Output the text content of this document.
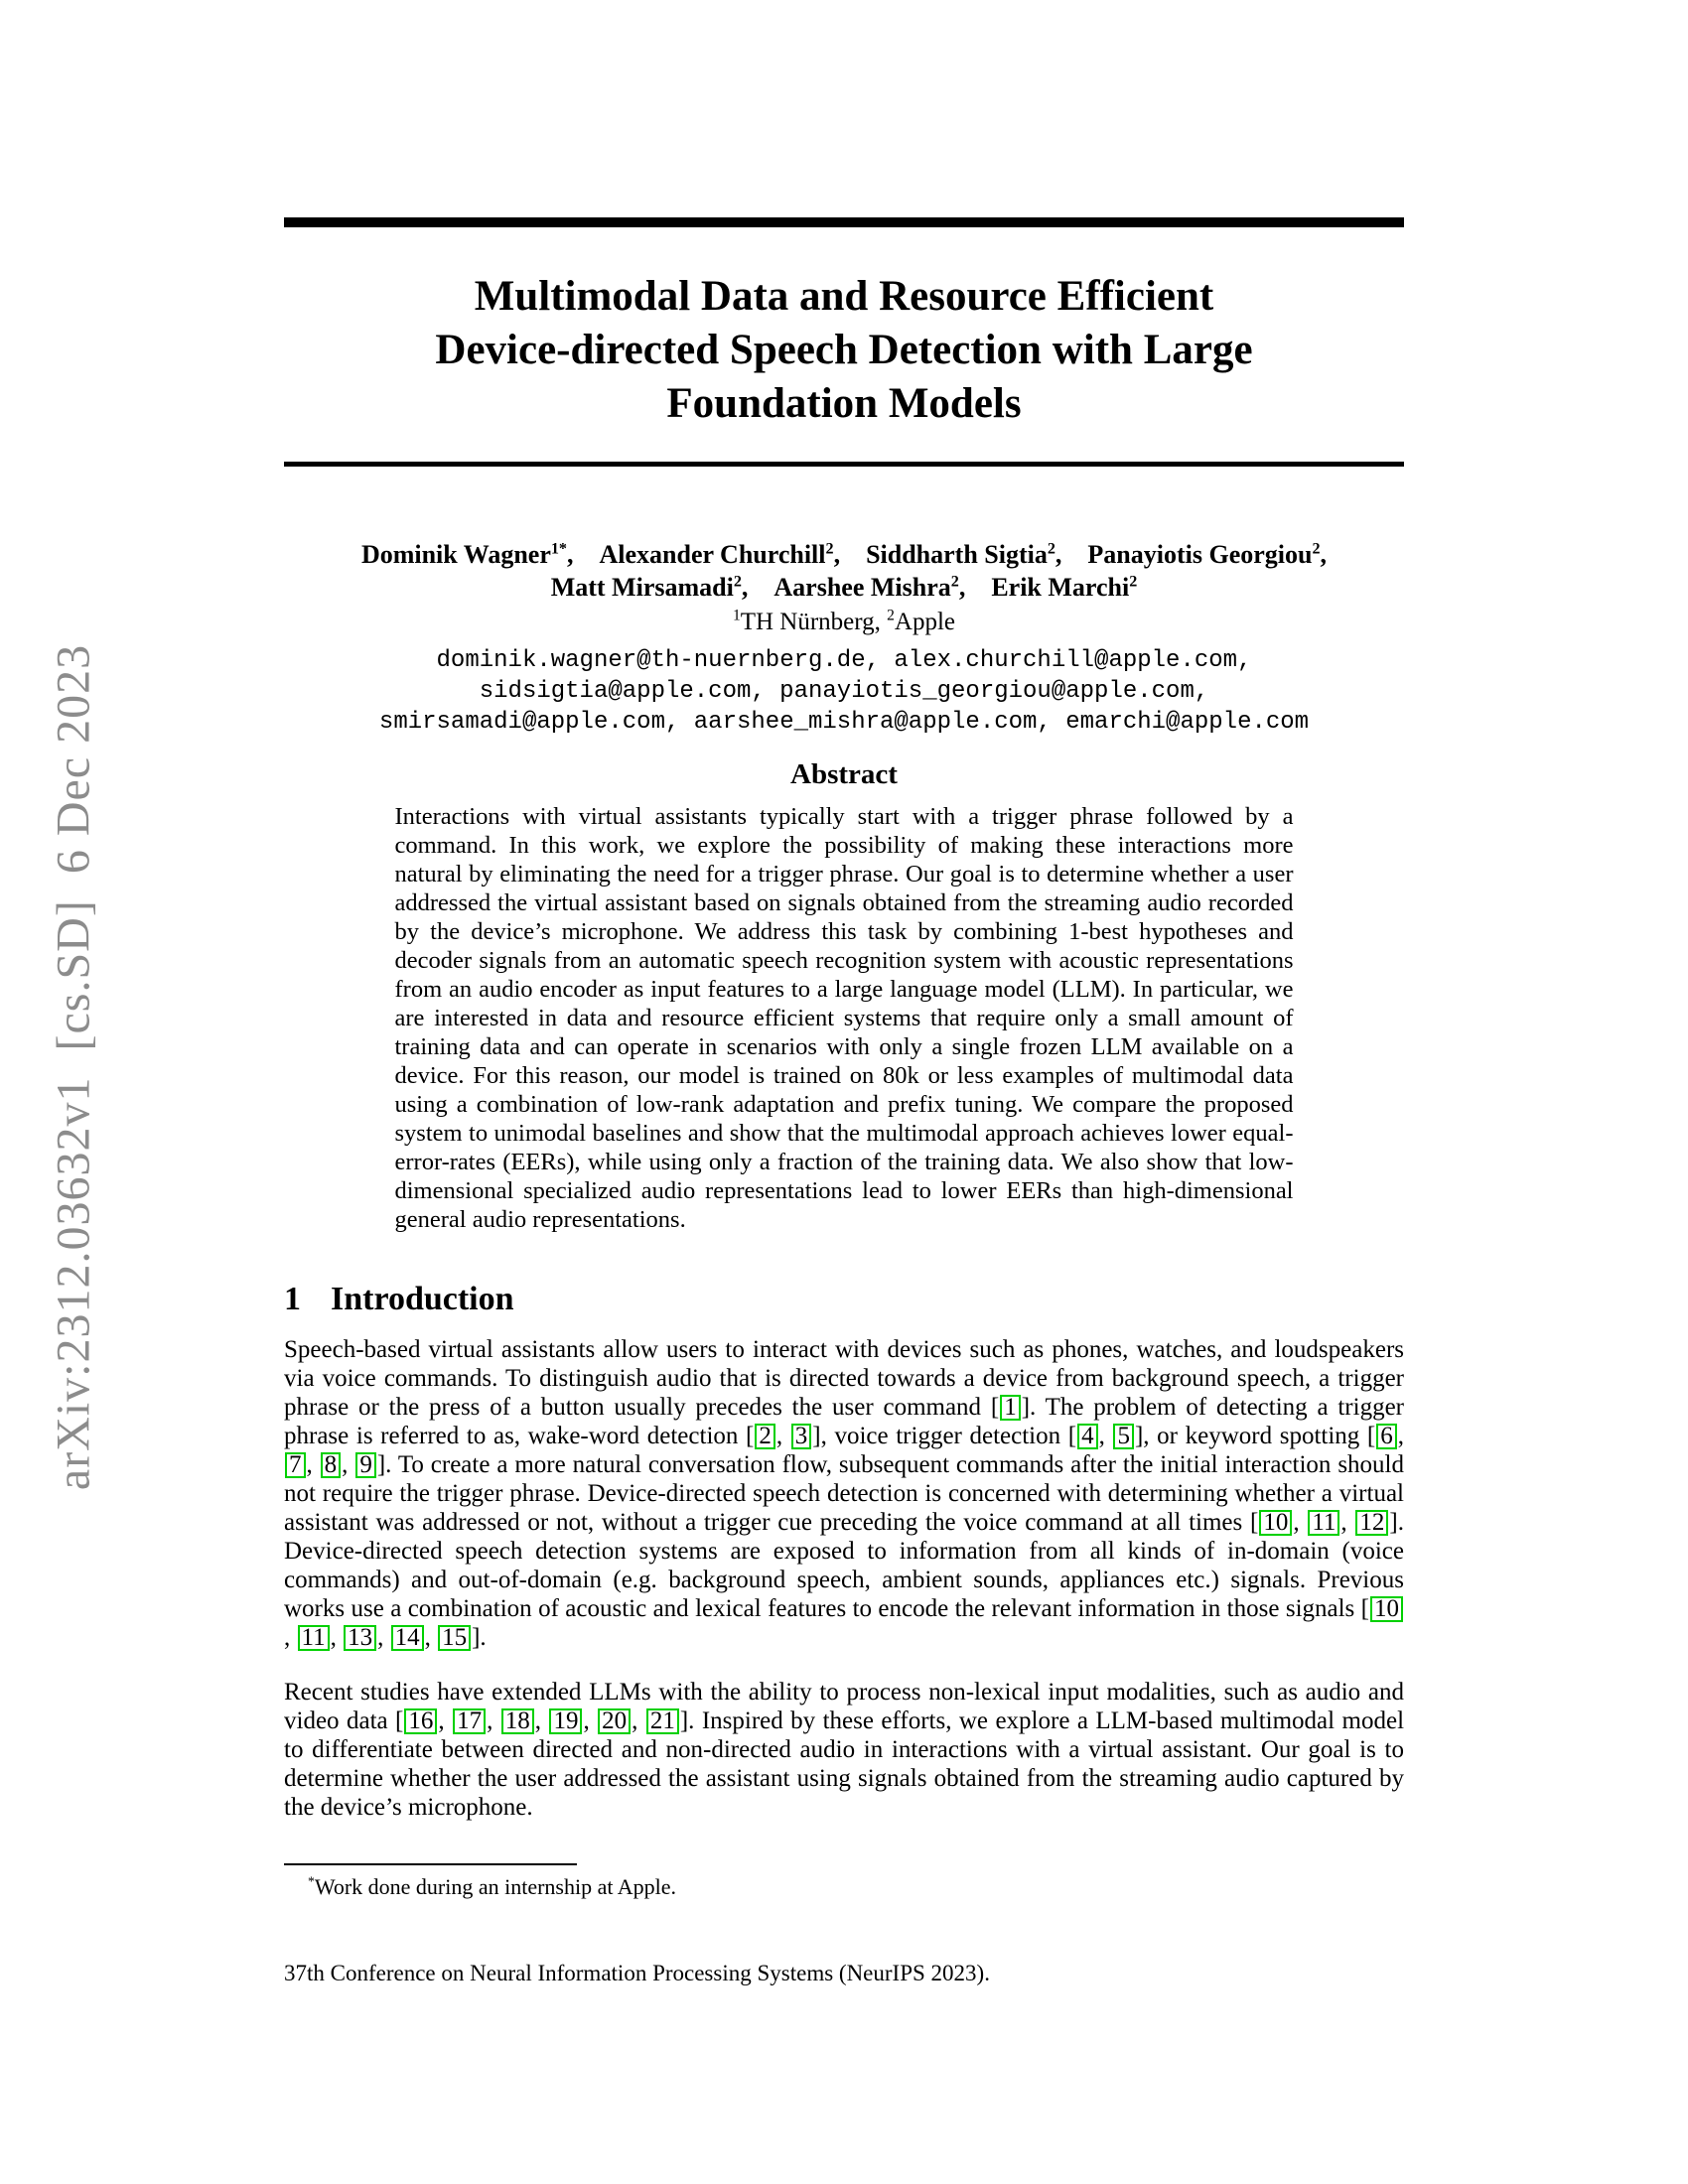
arXiv:2312.03632v1  [cs.SD]  6 Dec 2023
Multimodal Data and Resource Efficient
Device-directed Speech Detection with Large
Foundation Models
Dominik Wagner$^{1*}$, Alexander Churchill$^2$, Siddharth Sigtia$^2$, Panayiotis Georgiou$^2$,
Matt Mirsamadi$^2$, Aarshee Mishra$^2$, Erik Marchi$^2$
$^1$TH Nürnberg, $^2$Apple
dominik.wagner@th-nuernberg.de, alex.churchill@apple.com,
sidsigtia@apple.com, panayiotis_georgiou@apple.com,
smirsamadi@apple.com, aarshee_mishra@apple.com, emarchi@apple.com
Abstract

Interactions with virtual assistants typically start with a trigger phrase followed by a command. In this work, we explore the possibility of making these interactions more natural by eliminating the need for a trigger phrase. Our goal is to determine whether a user addressed the virtual assistant based on signals obtained from the streaming audio recorded by the device’s microphone. We address this task by combining 1-best hypotheses and decoder signals from an automatic speech recognition system with acoustic representations from an audio encoder as input features to a large language model (LLM). In particular, we are interested in data and resource efficient systems that require only a small amount of training data and can operate in scenarios with only a single frozen LLM available on a device. For this reason, our model is trained on 80k or less examples of multimodal data using a combination of low-rank adaptation and prefix tuning. We compare the proposed system to unimodal baselines and show that the multimodal approach achieves lower equal-error-rates (EERs), while using only a fraction of the training data. We also show that low-dimensional specialized audio representations lead to lower EERs than high-dimensional general audio representations.

1 Introduction

Speech-based virtual assistants allow users to interact with devices such as phones, watches, and loudspeakers via voice commands. To distinguish audio that is directed towards a device from background speech, a trigger phrase or the press of a button usually precedes the user command [ 1 ]. The problem of detecting a trigger phrase is referred to as, wake-word detection [ 2 , 3 ], voice trigger detection [ 4 , 5 ], or keyword spotting [ 6 , 7 , 8 , 9 ]. To create a more natural conversation flow, subsequent commands after the initial interaction should not require the trigger phrase. Device-directed speech detection is concerned with determining whether a virtual assistant was addressed or not, without a trigger cue preceding the voice command at all times [ 10 , 11 , 12 ]. Device-directed speech detection systems are exposed to information from all kinds of in-domain (voice commands) and out-of-domain (e.g. background speech, ambient sounds, appliances etc.) signals. Previous works use a combination of acoustic and lexical features to encode the relevant information in those signals [ 10, 11 , 13 , 14 , 15 ].

Recent studies have extended LLMs with the ability to process non-lexical input modalities, such as audio and video data [ 16 , 17 , 18 , 19 , 20 , 21 ]. Inspired by these efforts, we explore a LLM-based multimodal model to differentiate between directed and non-directed audio in interactions with a virtual assistant. Our goal is to determine whether the user addressed the assistant using signals obtained from the streaming audio captured by the device’s microphone.

*Work done during an internship at Apple.

37th Conference on Neural Information Processing Systems (NeurIPS 2023).
